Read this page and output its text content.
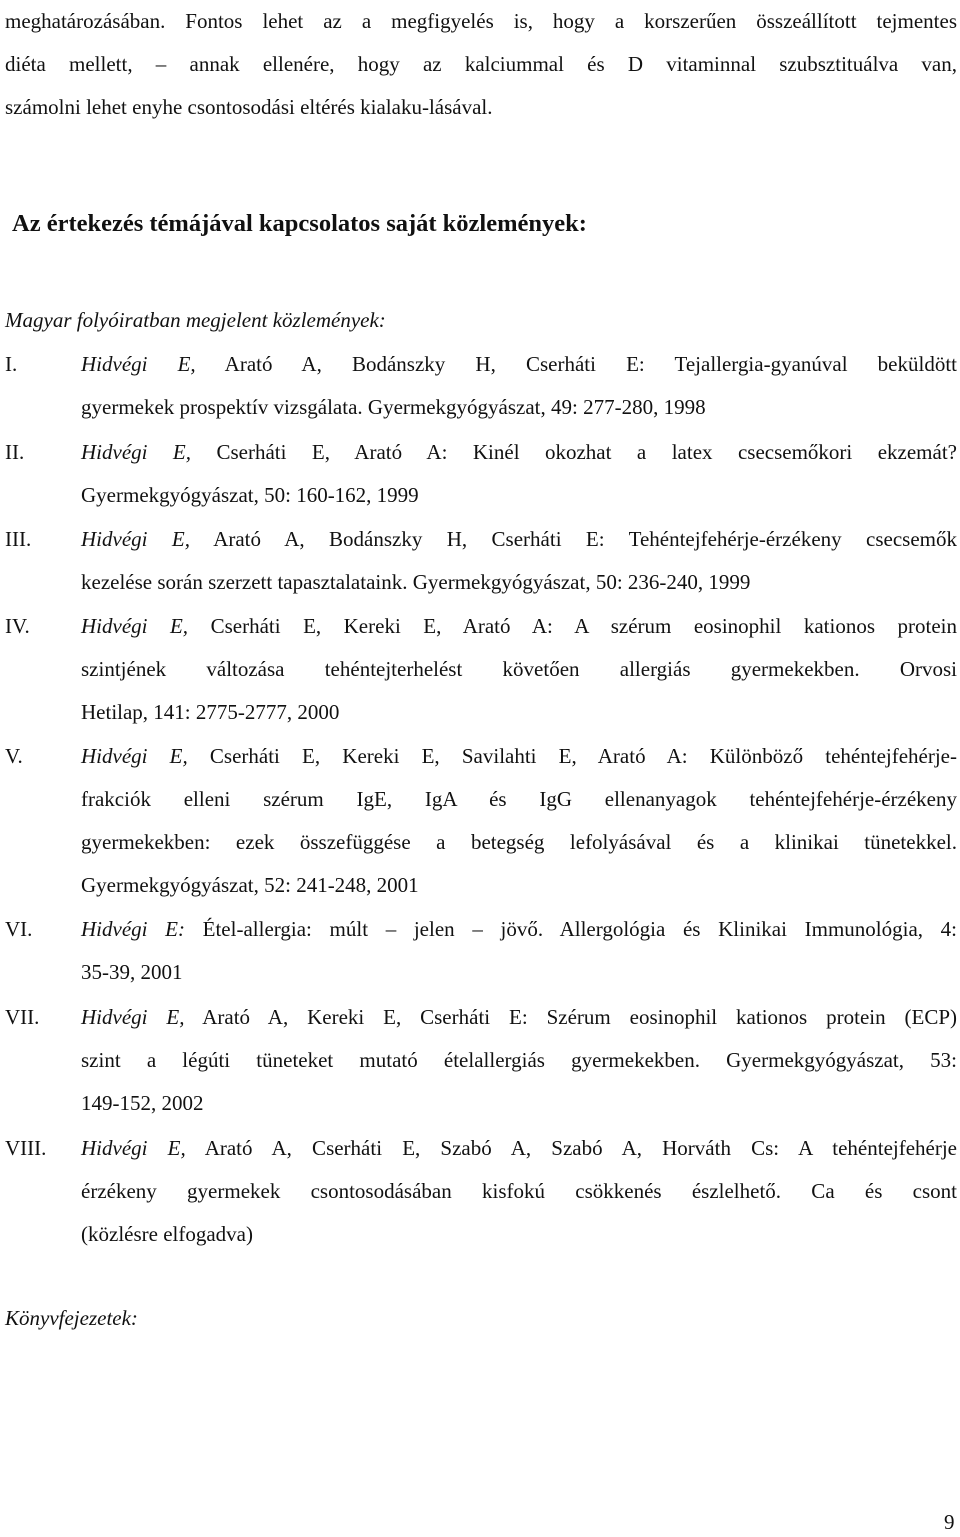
meghatározásában. Fontos lehet az a megfigyelés is, hogy a korszerűen összeállított tejmentes
diéta mellett, – annak ellenére, hogy az kalciummal és D vitaminnal szubsztituálva van,
számolni lehet enyhe csontosodási eltérés kialaku-lásával.
Az értekezés témájával kapcsolatos saját közlemények:
Magyar folyóiratban megjelent közlemények:
I.	Hidvégi E, Arató A, Bodánszky H, Cserháti E: Tejallergia-gyanúval beküldött
gyermekek prospektív vizsgálata. Gyermekgyógyászat, 49: 277-280, 1998
II.	Hidvégi E, Cserháti E, Arató A: Kinél okozhat a latex csecsemőkori ekzemát?
Gyermekgyógyászat, 50: 160-162, 1999
III. Hidvégi E, Arató A, Bodánszky H, Cserháti E: Tehéntejfehérje-érzékeny csecsemők
kezelése során szerzett tapasztalataink. Gyermekgyógyászat, 50: 236-240, 1999
IV. Hidvégi E, Cserháti E, Kereki E, Arató A: A szérum eosinophil kationos protein
szintjének változása tehéntejterhelést követően allergiás gyermekekben. Orvosi
Hetilap, 141: 2775-2777, 2000
V.	Hidvégi E, Cserháti E, Kereki E, Savilahti E, Arató A: Különböző tehéntejfehérje-
frakciók elleni szérum IgE, IgA és IgG ellenanyagok tehéntejfehérje-érzékeny
gyermekekben: ezek összefüggése a betegség lefolyásával és a klinikai tünetekkel.
Gyermekgyógyászat, 52: 241-248, 2001
VI. Hidvégi E: Étel-allergia: múlt – jelen – jövő. Allergológia és Klinikai Immunológia, 4:
35-39, 2001
VII. Hidvégi E, Arató A, Kereki E, Cserháti E: Szérum eosinophil kationos protein (ECP)
szint a légúti tüneteket mutató ételallergiás gyermekekben. Gyermekgyógyászat, 53:
149-152, 2002
VIII. Hidvégi E, Arató A, Cserháti E, Szabó A, Szabó A, Horváth Cs: A tehéntejfehérje
érzékeny gyermekek csontosodásában kisfokú csökkenés észlelhető. Ca és csont
(közlésre elfogadva)
Könyvfejezetek:
9
